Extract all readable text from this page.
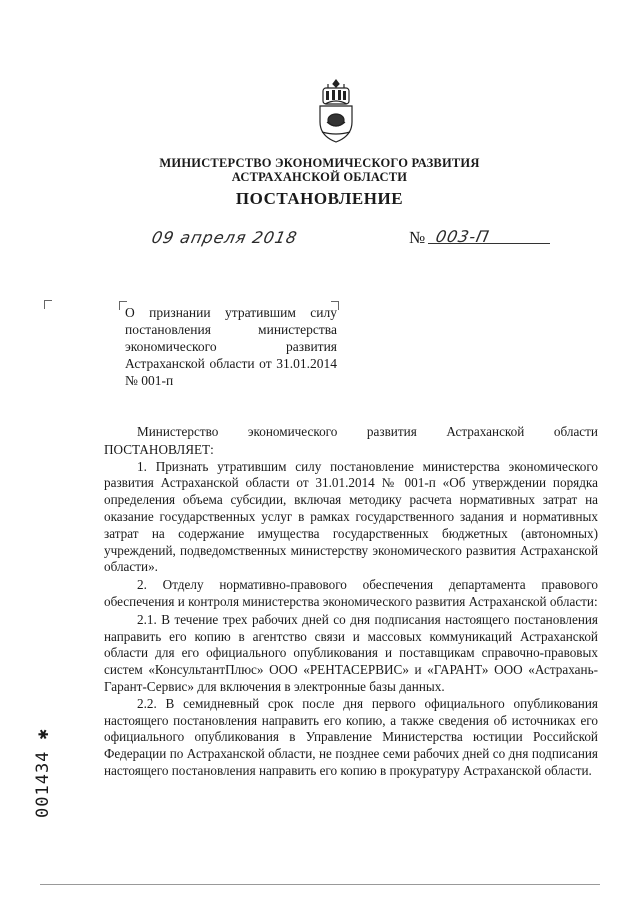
МИНИСТЕРСТВО ЭКОНОМИЧЕСКОГО РАЗВИТИЯ
АСТРАХАНСКОЙ ОБЛАСТИ
ПОСТАНОВЛЕНИЕ
09 апреля 2018	№ 003-П
О признании утратившим силу постановления министерства экономического развития Астраханской области от 31.01.2014 № 001-п

Министерство экономического развития Астраханской области

ПОСТАНОВЛЯЕТ:

1. Признать утратившим силу постановление министерства экономического развития Астраханской области от 31.01.2014 № 001-п «Об утверждении порядка определения объема субсидии, включая методику расчета нормативных затрат на оказание государственных услуг в рамках государственного задания и нормативных затрат на содержание имущества государственных бюджетных (автономных) учреждений, подведомственных министерству экономического развития Астраханской области».

2. Отделу нормативно-правового обеспечения департамента правового обеспечения и контроля министерства экономического развития Астраханской области:

2.1. В течение трех рабочих дней со дня подписания настоящего постановления направить его копию в агентство связи и массовых коммуникаций Астраханской области для его официального опубликования и поставщикам справочно-правовых систем «КонсультантПлюс» ООО «РЕНТАСЕРВИС» и «ГАРАНТ» ООО «Астрахань-Гарант-Сервис» для включения в электронные базы данных.

2.2. В семидневный срок после дня первого официального опубликования настоящего постановления направить его копию, а также сведения об источниках его официального опубликования в Управление Министерства юстиции Российской Федерации по Астраханской области, не позднее семи рабочих дней со дня подписания настоящего постановления направить его копию в прокуратуру Астраханской области.

001434 ✱
